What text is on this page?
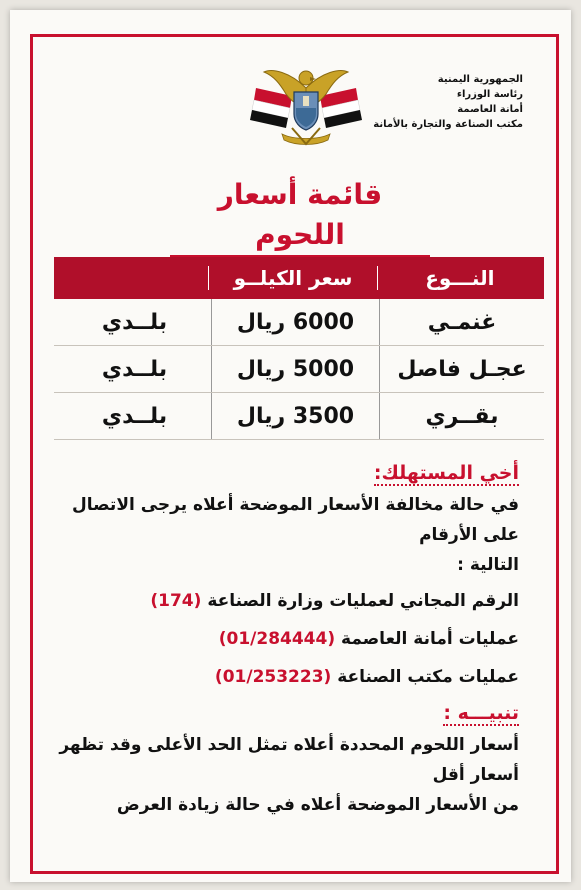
الجمهورية اليمنية
رئاسة الوزراء
أمانة العاصمة
مكتب الصناعة والتجارة بالأمانة
قائمة أسعار اللحوم
النـــوع
سعر الكيلــو
غنمـي
6000 ريال
بلــدي
عجـل فاصل
5000 ريال
بلــدي
بقــري
3500 ريال
بلــدي
أخي المستهلك:
في حالة مخالفة الأسعار الموضحة أعلاه يرجى الاتصال على الأرقام
التالية :
الرقم المجاني لعمليات وزارة الصناعة (174)
عمليات أمانة العاصمة (01/284444)
عمليات مكتب الصناعة (01/253223)
تنبيـــه :
أسعار اللحوم المحددة أعلاه تمثل الحد الأعلى وقد تظهر أسعار أقل
من الأسعار الموضحة أعلاه في حالة زيادة العرض
